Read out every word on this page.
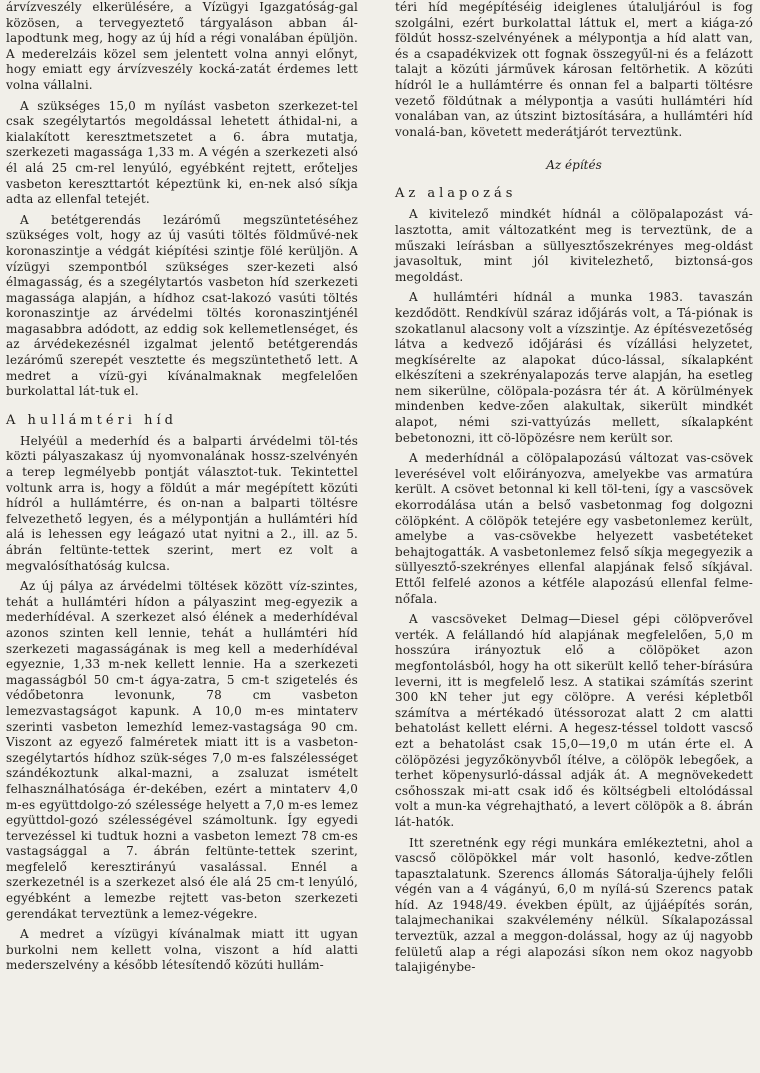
árvízveszély elkerülésére, a Vízügyi Igazgatóság-gal közösen, a tervegyeztető tárgyaláson abban ál-lapodtunk meg, hogy az új híd a régi vonalában épüljön. A mederelzáis közel sem jelentett volna annyi előnyt, hogy emiatt egy árvízveszély kocká-zatát érdemes lett volna vállalni.

A szükséges 15,0 m nyílást vasbeton szerkezet-tel csak szegélytartós megoldással lehetett áthidal-ni, a kialakított keresztmetszetet a 6. ábra mutatja, szerkezeti magassága 1,33 m. A végén a szerkezeti alsó él alá 25 cm-rel lenyúló, egyébként rejtett, erőteljes vasbeton kereszttartót képeztünk ki, en-nek alsó síkja adta az ellenfal tetejét.

A betétgerendás lezárómű megszüntetéséhez szükséges volt, hogy az új vasúti töltés földművé-nek koronaszintje a védgát kiépítési szintje fölé kerüljön. A vízügyi szempontból szükséges szer-kezeti alsó élmagasság, és a szegélytartós vasbeton híd szerkezeti magassága alapján, a hídhoz csat-lakozó vasúti töltés koronaszintje az árvédelmi töltés koronaszintjénél magasabbra adódott, az eddig sok kellemetlenséget, és az árvédekezésnél izgalmat jelentő betétgerendás lezárómű szerepét vesztette és megszüntethető lett. A medret a vízü-gyi kívánalmaknak megfelelően burkolattal lát-tuk el.

A hullámtéri híd

Helyéül a mederhíd és a balparti árvédelmi töl-tés közti pályaszakasz új nyomvonalának hossz-szelvényén a terep legmélyebb pontját választot-tuk. Tekintettel voltunk arra is, hogy a földút a már megépített közúti hídról a hullámtérre, és on-nan a balparti töltésre felvezethető legyen, és a mélypontján a hullámtéri híd alá is lehessen egy leágazó utat nyitni a 2., ill. az 5. ábrán feltünte-tettek szerint, mert ez volt a megvalósíthatóság kulcsa.

Az új pálya az árvédelmi töltések között víz-szintes, tehát a hullámtéri hídon a pályaszint meg-egyezik a mederhídéval. A szerkezet alsó élének a mederhídéval azonos szinten kell lennie, tehát a hullámtéri híd szerkezeti magasságának is meg kell a mederhídéval egyeznie, 1,33 m-nek kellett lennie. Ha a szerkezeti magasságból 50 cm-t ágya-zatra, 5 cm-t szigetelés és védőbetonra levonunk, 78 cm vasbeton lemezvastagságot kapunk. A 10,0 m-es mintaterv szerinti vasbeton lemezhíd lemez-vastagsága 90 cm. Viszont az egyező falméretek miatt itt is a vasbeton-szegélytartós hídhoz szük-séges 7,0 m-es falszélességet szándékoztunk alkal-mazni, a zsaluzat ismételt felhasználhatósága ér-dekében, ezért a mintaterv 4,0 m-es együttdolgo-zó szélessége helyett a 7,0 m-es lemez együttdol-gozó szélességével számoltunk. Így egyedi tervezéssel ki tudtuk hozni a vasbeton lemezt 78 cm-es vastagsággal a 7. ábrán feltünte-tettek szerint, megfelelő keresztirányú vasalással. Ennél a szerkezetnél is a szerkezet alsó éle alá 25 cm-t lenyúló, egyébként a lemezbe rejtett vas-beton szerkezeti gerendákat terveztünk a lemez-végekre.

A medret a vízügyi kívánalmak miatt itt ugyan burkolni nem kellett volna, viszont a híd alatti mederszelvény a később létesítendő közúti hullám-

téri híd megépítéséig ideiglenes útaluljáróul is fog szolgálni, ezért burkolattal láttuk el, mert a kiága-zó földút hossz-szelvényének a mélypontja a híd alatt van, és a csapadékvizek ott fognak összegyűl-ni és a felázott talajt a közúti járművek károsan feltörhetik. A közúti hídról le a hullámtérre és onnan fel a balparti töltésre vezető földútnak a mélypontja a vasúti hullámtéri híd vonalában van, az útszint biztosítására, a hullámtéri híd vonalá-ban, követett mederátjárót terveztünk.

Az építés
Az alapozás

A kivitelező mindkét hídnál a cölöpalapozást vá-lasztotta, amit változatként meg is terveztünk, de a műszaki leírásban a süllyesztőszekrényes meg-oldást javasoltuk, mint jól kivitelezhető, biztonsá-gos megoldást.

A hullámtéri hídnál a munka 1983. tavaszán kezdődött. Rendkívül száraz időjárás volt, a Tá-piónak is szokatlanul alacsony volt a vízszintje. Az építésvezetőség látva a kedvező időjárási és vízállási helyzetet, megkísérelte az alapokat dúco-lással, síkalapként elkészíteni a szekrényalapozás terve alapján, ha esetleg nem sikerülne, cölöpala-pozásra tér át. A körülmények mindenben kedve-zően alakultak, sikerült mindkét alapot, némi szi-vattyúzás mellett, síkalapként bebetonozni, itt cö-löpözésre nem került sor.

A mederhídnál a cölöpalapozású változat vas-csövek leverésével volt előirányozva, amelyekbe vas armatúra került. A csövet betonnal ki kell töl-teni, így a vascsövek ekorrodálása után a belső vasbetonmag fog dolgozni cölöpként. A cölöpök tetejére egy vasbetonlemez került, amelybe a vas-csövekbe helyezett vasbetéteket behajtogatták. A vasbetonlemez felső síkja megegyezik a süllyesztő-szekrényes ellenfal alapjának felső síkjával. Ettől felfelé azonos a kétféle alapozású ellenfal felme-nőfala.

A vascsöveket Delmag—Diesel gépi cölöpverővel verték. A felállandó híd alapjának megfelelően, 5,0 m hosszúra irányoztuk elő a cölöpöket azon megfontolásból, hogy ha ott sikerült kellő teher-bírásúra leverni, itt is megfelelő lesz. A statikai számítás szerint 300 kN teher jut egy cölöpre. A verési képletből számítva a mértékadó ütéssorozat alatt 2 cm alatti behatolást kellett elérni. A hegesz-téssel toldott vascső ezt a behatolást csak 15,0—19,0 m után érte el. A cölöpözési jegyzőkönyvből ítélve, a cölöpök lebegőek, a terhet köpenysurló-dással adják át. A megnövekedett csőhosszak mi-att csak idő és költségbeli eltolódással volt a mun-ka végrehajtható, a levert cölöpök a 8. ábrán lát-hatók.

Itt szeretnénk egy régi munkára emlékeztetni, ahol a vascső cölöpökkel már volt hasonló, kedve-zőtlen tapasztalatunk. Szerencs állomás Sátoralja-újhely felőli végén van a 4 vágányú, 6,0 m nyílá-sú Szerencs patak híd. Az 1948/49. években épült, az újjáépítés során, talajmechanikai szakvélemény nélkül. Síkalapozással terveztük, azzal a meggon-dolással, hogy az új nagyobb felületű alap a régi alapozási síkon nem okoz nagyobb talajigénybe-
